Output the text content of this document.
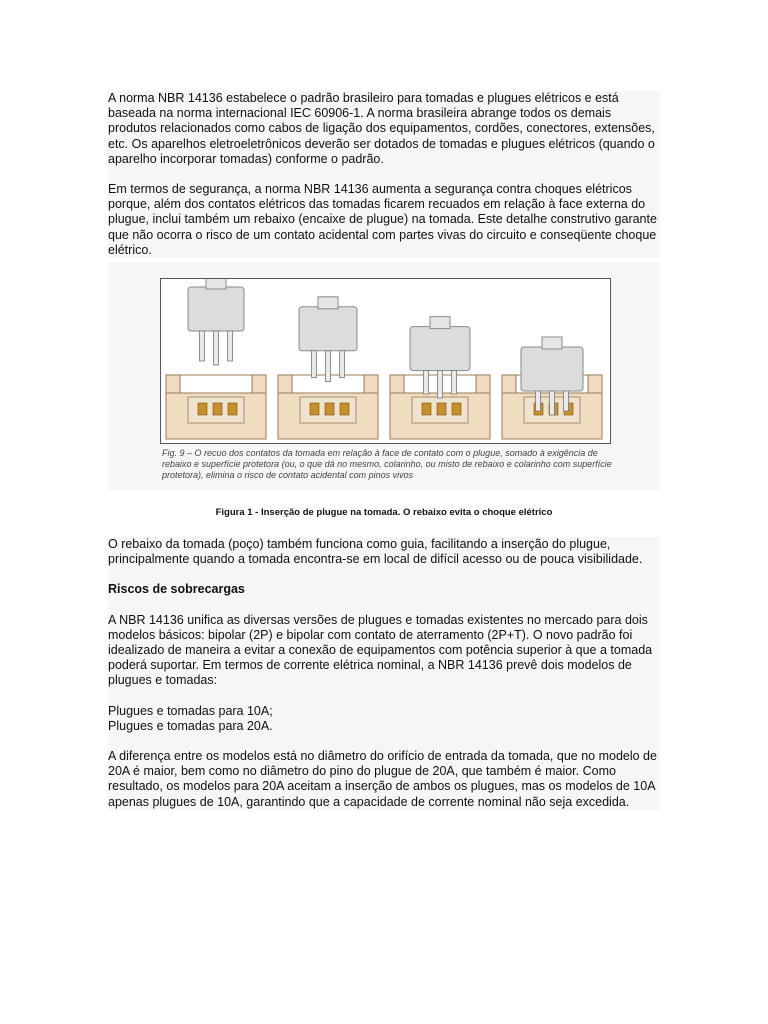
A norma NBR 14136 estabelece o padrão brasileiro para tomadas e plugues elétricos e está baseada na norma internacional IEC 60906-1. A norma brasileira abrange todos os demais produtos relacionados como cabos de ligação dos equipamentos, cordões, conectores, extensões, etc. Os aparelhos eletroeletrônicos deverão ser dotados de tomadas e plugues elétricos (quando o aparelho incorporar tomadas) conforme o padrão.

Em termos de segurança, a norma NBR 14136 aumenta a segurança contra choques elétricos porque, além dos contatos elétricos das tomadas ficarem recuados em relação à face externa do plugue, inclui também um rebaixo (encaixe de plugue) na tomada. Este detalhe construtivo garante que não ocorra o risco de um contato acidental com partes vivas do circuito e conseqüente choque elétrico.

Fig. 9 – O recuo dos contatos da tomada em relação à face de contato com o plugue, somado à exigência de rebaixo e superfície protetora (ou, o que dá no mesmo, colarinho, ou misto de rebaixo e colarinho com superfície protetora), elimina o risco de contato acidental com pinos vivos
Figura 1 - Inserção de plugue na tomada. O rebaixo evita o choque elétrico

O rebaixo da tomada (poço) também funciona como guia, facilitando a inserção do plugue, principalmente quando a tomada encontra-se em local de difícil acesso ou de pouca visibilidade.

Riscos de sobrecargas

A NBR 14136 unifica as diversas versões de plugues e tomadas existentes no mercado para dois modelos básicos: bipolar (2P) e bipolar com contato de aterramento (2P+T). O novo padrão foi idealizado de maneira a evitar a conexão de equipamentos com potência superior à que a tomada poderá suportar. Em termos de corrente elétrica nominal, a NBR 14136 prevê dois modelos de plugues e tomadas:

Plugues e tomadas para 10A;

Plugues e tomadas para 20A.

A diferença entre os modelos está no diâmetro do orifício de entrada da tomada, que no modelo de 20A é maior, bem como no diâmetro do pino do plugue de 20A, que também é maior. Como resultado, os modelos para 20A aceitam a inserção de ambos os plugues, mas os modelos de 10A apenas plugues de 10A, garantindo que a capacidade de corrente nominal não seja excedida.
